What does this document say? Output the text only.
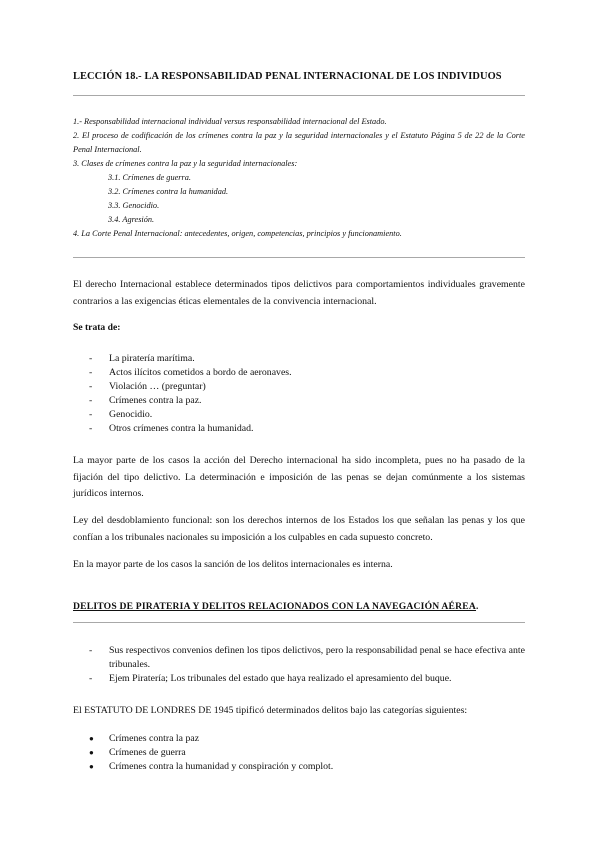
LECCIÓN 18.- LA RESPONSABILIDAD PENAL INTERNACIONAL DE LOS INDIVIDUOS
1.- Responsabilidad internacional individual versus responsabilidad internacional del Estado.
2. El proceso de codificación de los crímenes contra la paz y la seguridad internacionales y el Estatuto Página 5 de 22 de la Corte Penal Internacional.
3. Clases de crímenes contra la paz y la seguridad internacionales:
3.1. Crímenes de guerra.
3.2. Crímenes contra la humanidad.
3.3. Genocidio.
3.4. Agresión.
4. La Corte Penal Internacional: antecedentes, origen, competencias, principios y funcionamiento.
El derecho Internacional establece determinados tipos delictivos para comportamientos individuales gravemente contrarios a las exigencias éticas elementales de la convivencia internacional.
Se trata de:
- La piratería marítima.
- Actos ilícitos cometidos a bordo de aeronaves.
- Violación … (preguntar)
- Crímenes contra la paz.
- Genocidio.
- Otros crímenes contra la humanidad.
La mayor parte de los casos la acción del Derecho internacional ha sido incompleta, pues no ha pasado de la fijación del tipo delictivo. La determinación e imposición de las penas se dejan comúnmente a los sistemas jurídicos internos.
Ley del desdoblamiento funcional: son los derechos internos de los Estados los que señalan las penas y los que confían a los tribunales nacionales su imposición a los culpables en cada supuesto concreto.
En la mayor parte de los casos la sanción de los delitos internacionales es interna.
DELITOS DE PIRATERIA Y DELITOS RELACIONADOS CON LA NAVEGACIÓN AÉREA.
- Sus respectivos convenios definen los tipos delictivos, pero la responsabilidad penal se hace efectiva ante tribunales.
- Ejem Piratería; Los tribunales del estado que haya realizado el apresamiento del buque.
El ESTATUTO DE LONDRES DE 1945 tipificó determinados delitos bajo las categorías siguientes:
● Crímenes contra la paz
● Crímenes de guerra
● Crímenes contra la humanidad y conspiración y complot.
